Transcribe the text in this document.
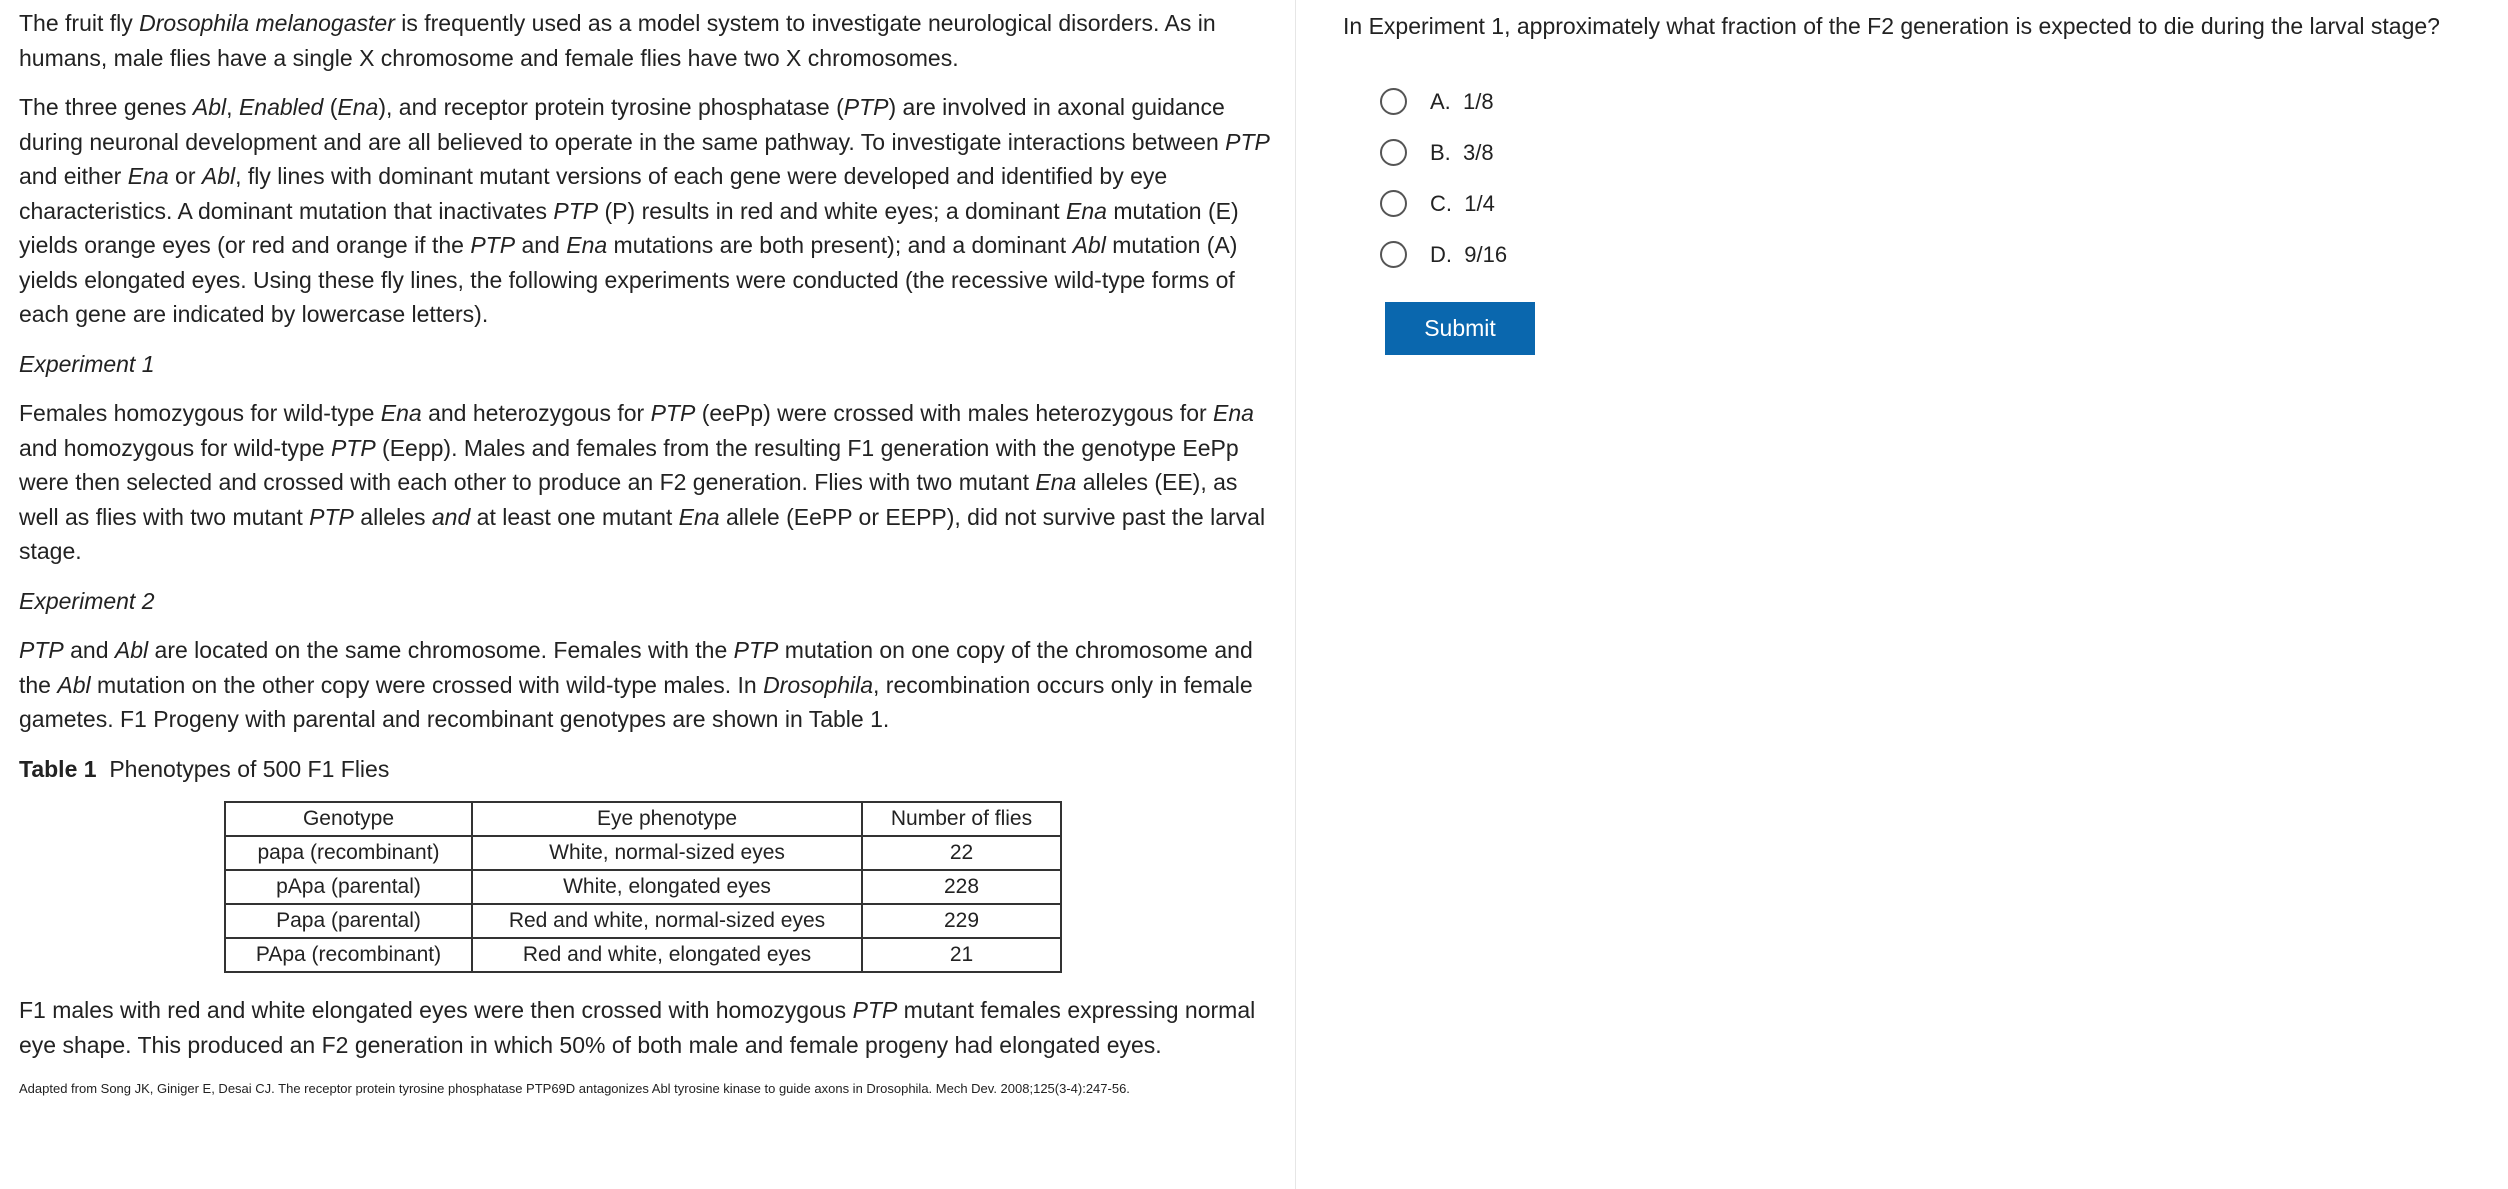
The fruit fly Drosophila melanogaster is frequently used as a model system to investigate neurological disorders. As in humans, male flies have a single X chromosome and female flies have two X chromosomes.

The three genes Abl, Enabled (Ena), and receptor protein tyrosine phosphatase (PTP) are involved in axonal guidance during neuronal development and are all believed to operate in the same pathway. To investigate interactions between PTP and either Ena or Abl, fly lines with dominant mutant versions of each gene were developed and identified by eye characteristics. A dominant mutation that inactivates PTP (P) results in red and white eyes; a dominant Ena mutation (E) yields orange eyes (or red and orange if the PTP and Ena mutations are both present); and a dominant Abl mutation (A) yields elongated eyes. Using these fly lines, the following experiments were conducted (the recessive wild-type forms of each gene are indicated by lowercase letters).

Experiment 1

Females homozygous for wild-type Ena and heterozygous for PTP (eePp) were crossed with males heterozygous for Ena and homozygous for wild-type PTP (Eepp). Males and females from the resulting F1 generation with the genotype EePp were then selected and crossed with each other to produce an F2 generation. Flies with two mutant Ena alleles (EE), as well as flies with two mutant PTP alleles and at least one mutant Ena allele (EePP or EEPP), did not survive past the larval stage.

Experiment 2

PTP and Abl are located on the same chromosome. Females with the PTP mutation on one copy of the chromosome and the Abl mutation on the other copy were crossed with wild-type males. In Drosophila, recombination occurs only in female gametes. F1 Progeny with parental and recombinant genotypes are shown in Table 1.

Table 1 Phenotypes of 500 F1 Flies

Genotype	Eye phenotype	Number of flies
papa (recombinant)	White, normal-sized eyes	22
pApa (parental)	White, elongated eyes	228
Papa (parental)	Red and white, normal-sized eyes	229
PApa (recombinant)	Red and white, elongated eyes	21

F1 males with red and white elongated eyes were then crossed with homozygous PTP mutant females expressing normal eye shape. This produced an F2 generation in which 50% of both male and female progeny had elongated eyes.

Adapted from Song JK, Giniger E, Desai CJ. The receptor protein tyrosine phosphatase PTP69D antagonizes Abl tyrosine kinase to guide axons in Drosophila. Mech Dev. 2008;125(3-4):247-56.

In Experiment 1, approximately what fraction of the F2 generation is expected to die during the larval stage?
A. 1/8
B. 3/8
C. 1/4
D. 9/16
Submit
